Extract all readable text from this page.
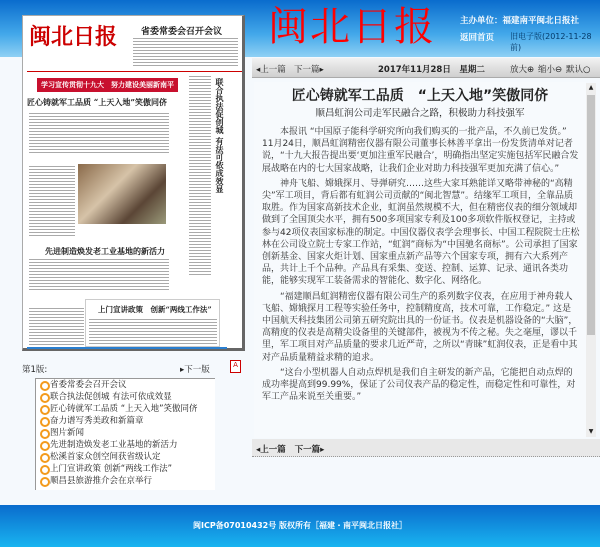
闽北日报	主办单位：福建南平闽北日报社
返回首页 旧电子版(2012-11-28前)
闽北日报	省委常委会召开会议
学习宣传贯彻十九大　努力建设美丽新南平
匠心铸就军工品质 “上天入地”笑傲同侪	联合执法促创城 有法可依成效显
先进制造焕发老工业基地的新活力
上门宣讲政策　创新“两线工作法”
第1版:	▸下一版	A
省委常委会召开会议
联合执法促创城 有法可依成效显
匠心铸就军工品质 “上天入地”笑傲同侪
奋力谱写秀美政和新篇章
图片新闻
先进制造焕发老工业基地的新活力
松溪首家众创空间获省级认定
上门宣讲政策 创新“两线工作法”
顺昌县旅游推介会在京举行
◂上一篇 下一篇▸	2017年11月28日　星期二	放大⊕ 缩小⊖ 默认○
匠心铸就军工品质　“上天入地”笑傲同侪
顺昌虹润公司走军民融合之路，积极助力科技强军

本报讯 “中国原子能科学研究所向我们购买的一批产品，不久前已发货。” 11月24日，顺昌虹润精密仪器有限公司董事长林善平拿出一份发货清单对记者说，“十九大报告提出要‘更加注重军民融合’，明确指出坚定实施包括军民融合发展战略在内的七大国家战略，让我们企业对助力科技强军更加充满了信心。”

神舟飞船、嫦娥探月、导弹研究……这些大家耳熟能详又略带神秘的“高精尖”军工项目，背后都有虹润公司贡献的“闽北智慧”。结缘军工项目，全靠品质取胜。作为国家高新技术企业，虹润虽然规模不大，但在精密仪表的细分领域却做到了全国顶尖水平，拥有500多项国家专利及100多项软件版权登记，主持或参与42项仪表国家标准的制定。中国仪器仪表学会理事长、中国工程院院士庄松林在公司设立院士专家工作站，“虹润”商标为“中国驰名商标”。公司承担了国家创新基金、国家火炬计划、国家重点新产品等六个国家专项，拥有六大系列产品，共计上千个品种。产品具有采集、变送、控制、运算、记录、通讯各类功能，能够实现军工装备需求的智能化、数字化、网络化。

“福建顺昌虹润精密仪器有限公司生产的系列数字仪表，在应用于神舟载人飞船、嫦娥探月工程等实验任务中，控制精度高，技术可靠，工作稳定。” 这是中国航天科技集团公司第五研究院出具的一份证书。仪表是机器设备的“大脑”，高精度的仪表是高精尖设备里的关键部件，被视为不传之秘。失之毫厘，谬以千里，军工项目对产品质量的要求几近严苛，之所以“青睐”虹润仪表，正是看中其对产品质量精益求精的追求。

“这台小型机器人自动点焊机是我们自主研发的新产品，它能把自动点焊的成功率提高到99.99%，保证了公司仪表产品的稳定性，而稳定性和可靠性，对军工产品来说至关重要。”

▲
▼
◂上一篇 下一篇▸
闽ICP备07010432号 版权所有［福建・南平闽北日报社］
